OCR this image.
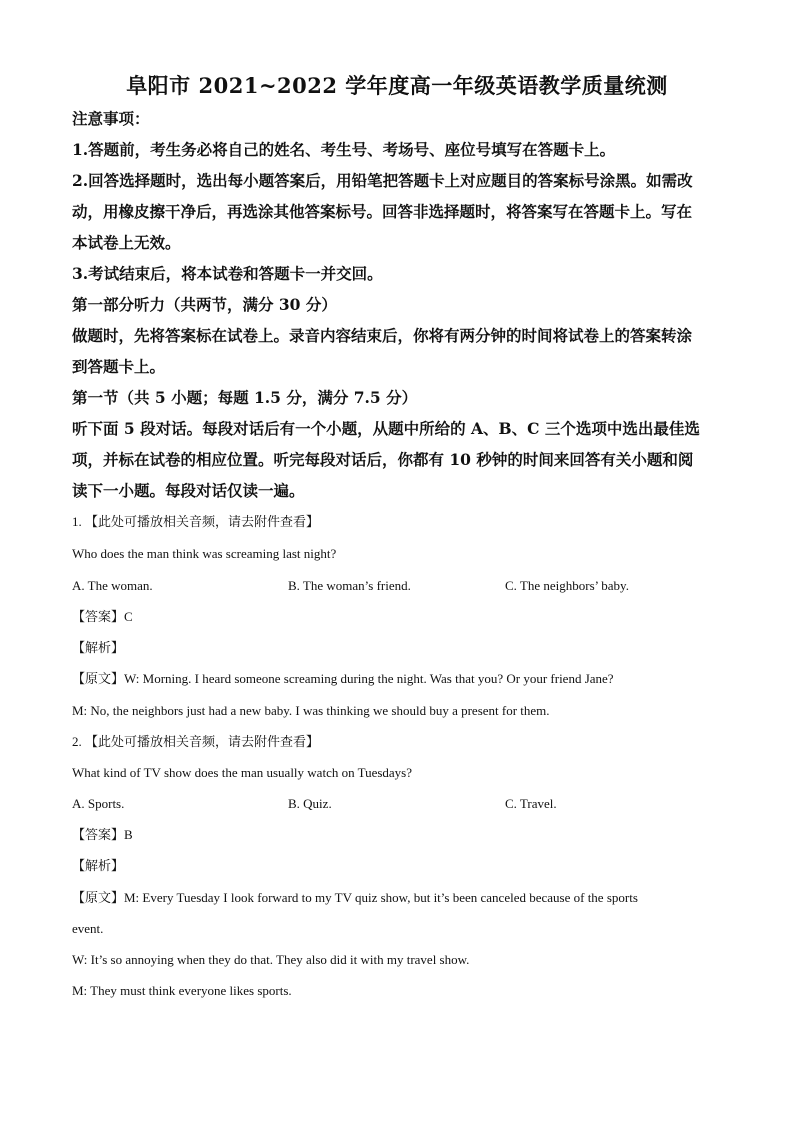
阜阳市 2021~2022 学年度高一年级英语教学质量统测
注意事项：
1.答题前，考生务必将自己的姓名、考生号、考场号、座位号填写在答题卡上。
2.回答选择题时，选出每小题答案后，用铅笔把答题卡上对应题目的答案标号涂黑。如需改
动，用橡皮擦干净后，再选涂其他答案标号。回答非选择题时，将答案写在答题卡上。写在
本试卷上无效。
3.考试结束后，将本试卷和答题卡一并交回。
第一部分听力（共两节，满分 30 分）
做题时，先将答案标在试卷上。录音内容结束后，你将有两分钟的时间将试卷上的答案转涂
到答题卡上。
第一节（共 5 小题；每题 1.5 分，满分 7.5 分）
听下面 5 段对话。每段对话后有一个小题，从题中所给的 A、B、C 三个选项中选出最佳选
项，并标在试卷的相应位置。听完每段对话后，你都有 10 秒钟的时间来回答有关小题和阅
读下一小题。每段对话仅读一遍。
1. 【此处可播放相关音频，请去附件查看】
Who does the man think was screaming last night?
A. The woman.	B. The woman’s friend.	C. The neighbors’ baby.
【答案】C
【解析】
【原文】W: Morning. I heard someone screaming during the night. Was that you? Or your friend Jane?
M: No, the neighbors just had a new baby. I was thinking we should buy a present for them.
2. 【此处可播放相关音频，请去附件查看】
What kind of TV show does the man usually watch on Tuesdays?
A. Sports.	B. Quiz.	C. Travel.
【答案】B
【解析】
【原文】M: Every Tuesday I look forward to my TV quiz show, but it’s been canceled because of the sports
event.
W: It’s so annoying when they do that. They also did it with my travel show.
M: They must think everyone likes sports.
